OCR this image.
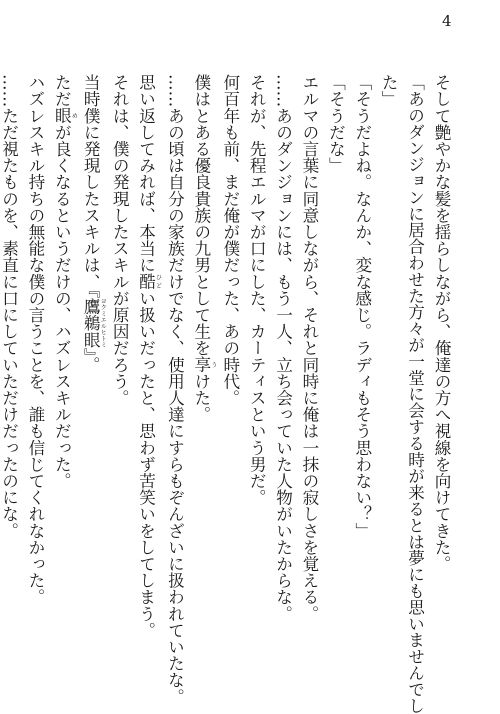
4
そして艶やかな髪を揺らしながら、俺達の方へ視線を向けてきた。
「あのダンジョンに居合わせた方々が一堂に会する時が来るとは夢にも思いませんでし
た」
「そうだよね。なんか、変な感じ。ラディもそう思わない？」
「そうだな」
エルマの言葉に同意しながら、それと同時に俺は一抹の寂しさを覚える。
……あのダンジョンには、もう一人、立ち会っていた人物がいたからな。
それが、先程エルマが口にした、カーティスという男だ。
何百年も前、まだ俺が僕だった、あの時代。
僕はとある優良貴族の九男として生を享 うけた。
……あの頃は自分の家族だけでなく、使用人達にすらもぞんざいに扱われていたな。
思い返してみれば、本当に酷 ひどい扱いだったと、思わず苦笑いをしてしまう。
それは、僕の発現したスキルが原因だろう。
当時僕に発現したスキルは、『鷹鵜眼 ヨクミエルヒトミ』。
ただ眼 めが良くなるというだけの、ハズレスキルだった。
ハズレスキル持ちの無能な僕の言うことを、誰も信じてくれなかった。
……ただ視たものを、素直に口にしていただけだったのにな。
